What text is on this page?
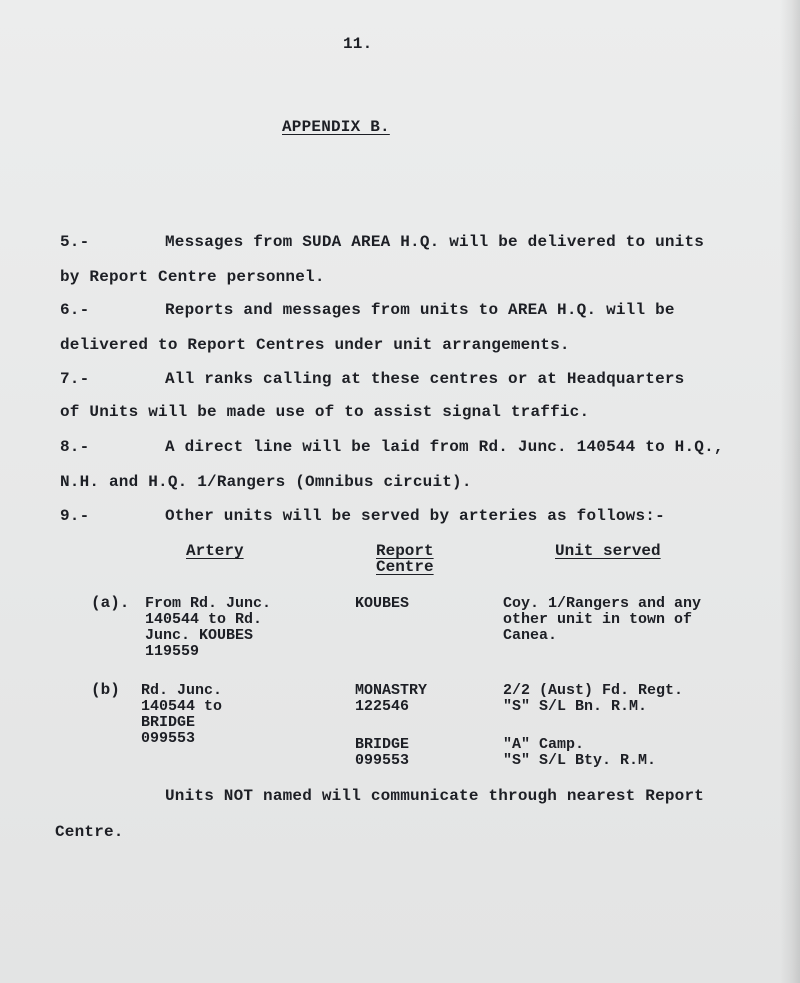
11.
APPENDIX B.
5.-	Messages from SUDA AREA H.Q. will be delivered to units
by Report Centre personnel.
6.-	Reports and messages from units to AREA H.Q. will be
delivered to Report Centres under unit arrangements.
7.-	All ranks calling at these centres or at Headquarters
of Units will be made use of to assist signal traffic.
8.-	A direct line will be laid from Rd. Junc. 140544 to H.Q.,
N.H. and H.Q. 1/Rangers (Omnibus circuit).
9.-	Other units will be served by arteries as follows:-
Artery	Report
Centre
Unit served
(a). From Rd. Junc.
140544 to Rd.
Junc. KOUBES
119559
KOUBES	Coy. 1/Rangers and any
other unit in town of
Canea.
(b) Rd. Junc.
140544 to
BRIDGE
099553
MONASTRY
122546
2/2 (Aust) Fd. Regt.
"S" S/L Bn. R.M.
BRIDGE
099553
"A" Camp.
"S" S/L Bty. R.M.
Units NOT named will communicate through nearest Report
Centre.
